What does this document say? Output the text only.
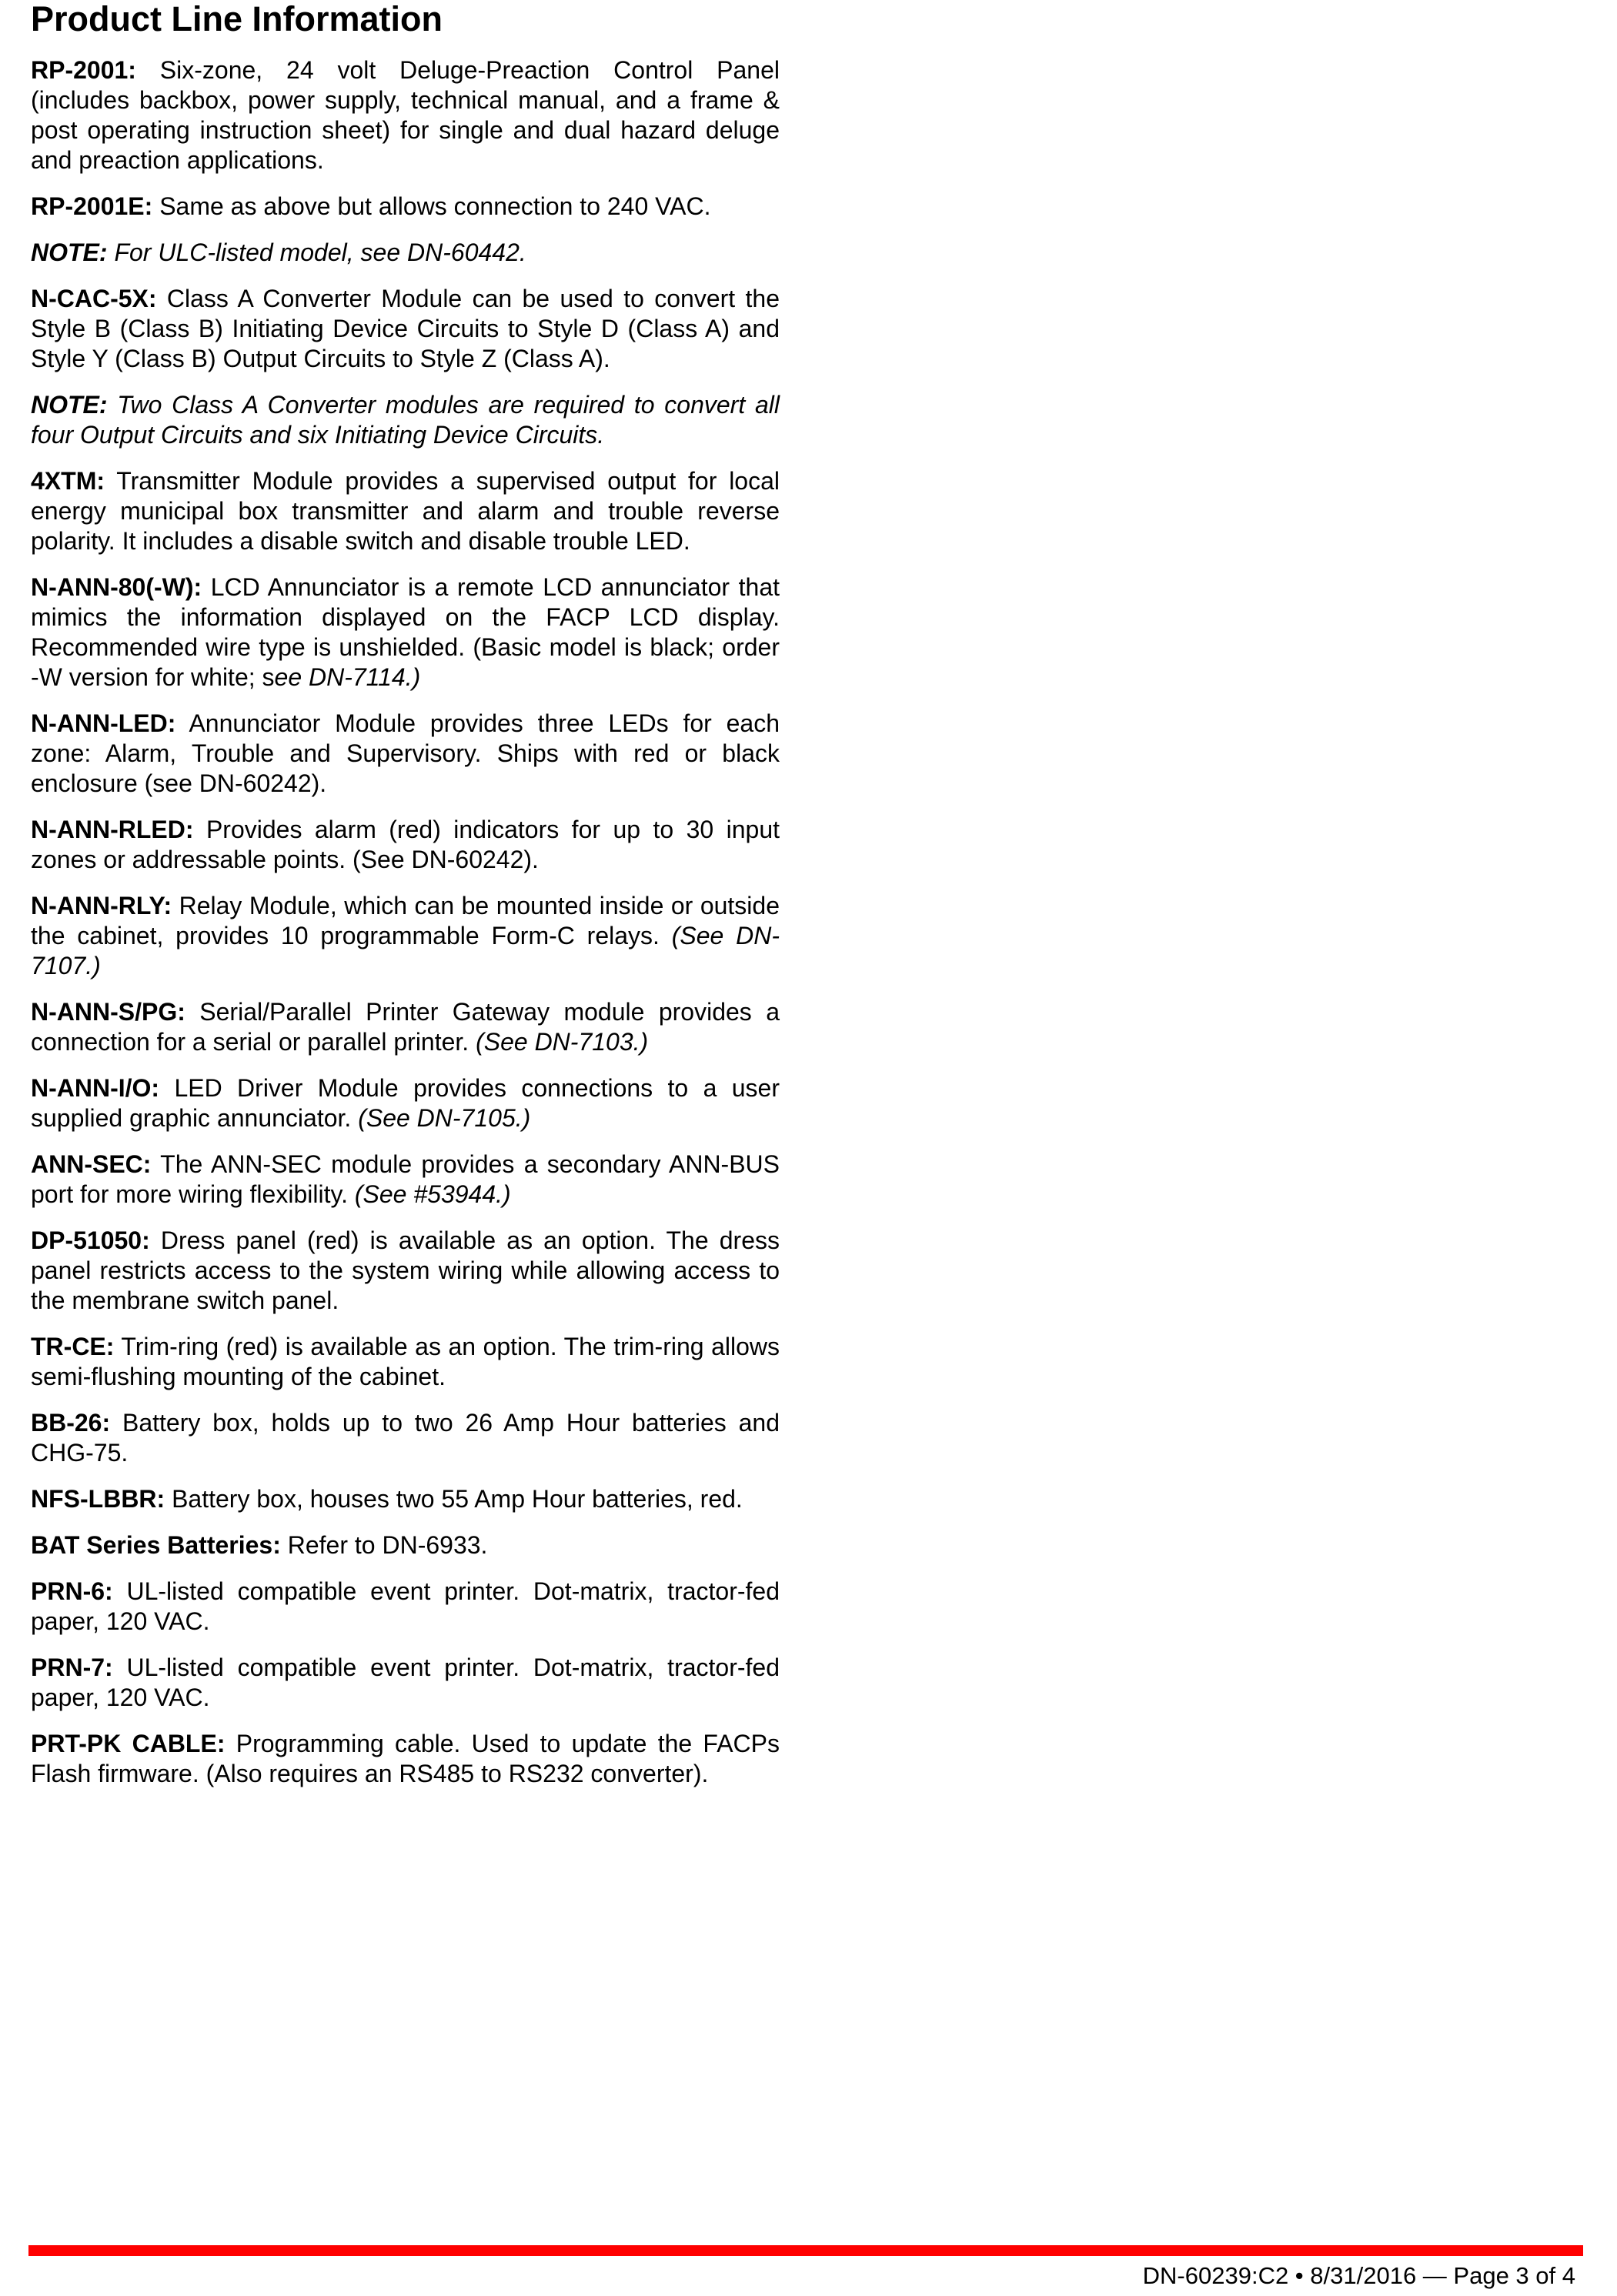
Product Line Information

RP-2001: Six-zone, 24 volt Deluge-Preaction Control Panel (includes backbox, power supply, technical manual, and a frame & post operating instruction sheet) for single and dual hazard deluge and preaction applications.

RP-2001E: Same as above but allows connection to 240 VAC.

NOTE: For ULC-listed model, see DN-60442.

N-CAC-5X: Class A Converter Module can be used to convert the Style B (Class B) Initiating Device Circuits to Style D (Class A) and Style Y (Class B) Output Circuits to Style Z (Class A).

NOTE: Two Class A Converter modules are required to convert all four Output Circuits and six Initiating Device Circuits.

4XTM: Transmitter Module provides a supervised output for local energy municipal box transmitter and alarm and trouble reverse polarity. It includes a disable switch and disable trouble LED.

N-ANN-80(-W): LCD Annunciator is a remote LCD annunciator that mimics the information displayed on the FACP LCD display. Recommended wire type is unshielded. (Basic model is black; order -W version for white; see DN-7114.)

N-ANN-LED: Annunciator Module provides three LEDs for each zone: Alarm, Trouble and Supervisory. Ships with red or black enclosure (see DN-60242).

N-ANN-RLED: Provides alarm (red) indicators for up to 30 input zones or addressable points. (See DN-60242).

N-ANN-RLY: Relay Module, which can be mounted inside or outside the cabinet, provides 10 programmable Form-C relays. (See DN-7107.)

N-ANN-S/PG: Serial/Parallel Printer Gateway module provides a connection for a serial or parallel printer. (See DN-7103.)

N-ANN-I/O: LED Driver Module provides connections to a user supplied graphic annunciator. (See DN-7105.)

ANN-SEC: The ANN-SEC module provides a secondary ANN-BUS port for more wiring flexibility. (See #53944.)

DP-51050: Dress panel (red) is available as an option. The dress panel restricts access to the system wiring while allowing access to the membrane switch panel.

TR-CE: Trim-ring (red) is available as an option. The trim-ring allows semi-flushing mounting of the cabinet.

BB-26: Battery box, holds up to two 26 Amp Hour batteries and CHG-75.

NFS-LBBR: Battery box, houses two 55 Amp Hour batteries, red.

BAT Series Batteries: Refer to DN-6933.

PRN-6: UL-listed compatible event printer. Dot-matrix, tractor-fed paper, 120 VAC.

PRN-7: UL-listed compatible event printer. Dot-matrix, tractor-fed paper, 120 VAC.

PRT-PK CABLE: Programming cable. Used to update the FACPs Flash firmware. (Also requires an RS485 to RS232 converter).

DN-60239:C2 • 8/31/2016 — Page 3 of 4
